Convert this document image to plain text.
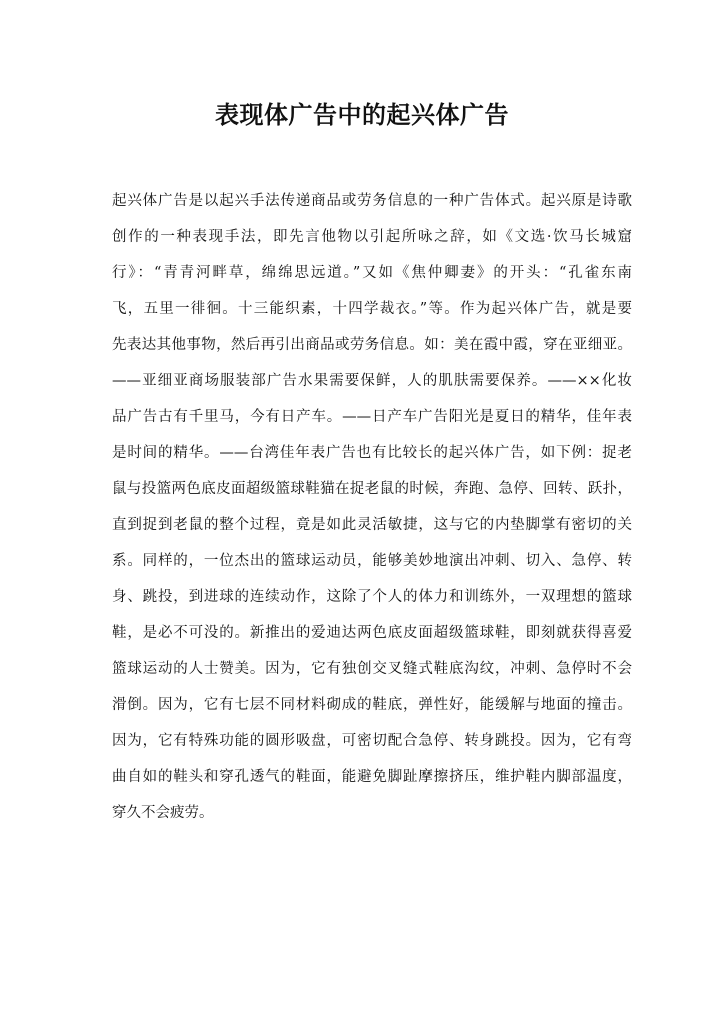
表现体广告中的起兴体广告
起兴体广告是以起兴手法传递商品或劳务信息的一种广告体式。起兴原是诗歌
创作的一种表现手法，即先言他物以引起所咏之辞，如《文选·饮马长城窟
行》：“青青河畔草，绵绵思远道。”又如《焦仲卿妻》的开头：“孔雀东南
飞，五里一徘徊。十三能织素，十四学裁衣。”等。作为起兴体广告，就是要
先表达其他事物，然后再引出商品或劳务信息。如：美在霞中霞，穿在亚细亚。
——亚细亚商场服装部广告水果需要保鲜，人的肌肤需要保养。——××化妆
品广告古有千里马，今有日产车。——日产车广告阳光是夏日的精华，佳年表
是时间的精华。——台湾佳年表广告也有比较长的起兴体广告，如下例：捉老
鼠与投篮两色底皮面超级篮球鞋猫在捉老鼠的时候，奔跑、急停、回转、跃扑，
直到捉到老鼠的整个过程，竟是如此灵活敏捷，这与它的内垫脚掌有密切的关
系。同样的，一位杰出的篮球运动员，能够美妙地演出冲刺、切入、急停、转
身、跳投，到进球的连续动作，这除了个人的体力和训练外，一双理想的篮球
鞋，是必不可没的。新推出的爱迪达两色底皮面超级篮球鞋，即刻就获得喜爱
篮球运动的人士赞美。因为，它有独创交叉缝式鞋底沟纹，冲刺、急停时不会
滑倒。因为，它有七层不同材料砌成的鞋底，弹性好，能缓解与地面的撞击。
因为，它有特殊功能的圆形吸盘，可密切配合急停、转身跳投。因为，它有弯
曲自如的鞋头和穿孔透气的鞋面，能避免脚趾摩擦挤压，维护鞋内脚部温度，
穿久不会疲劳。
